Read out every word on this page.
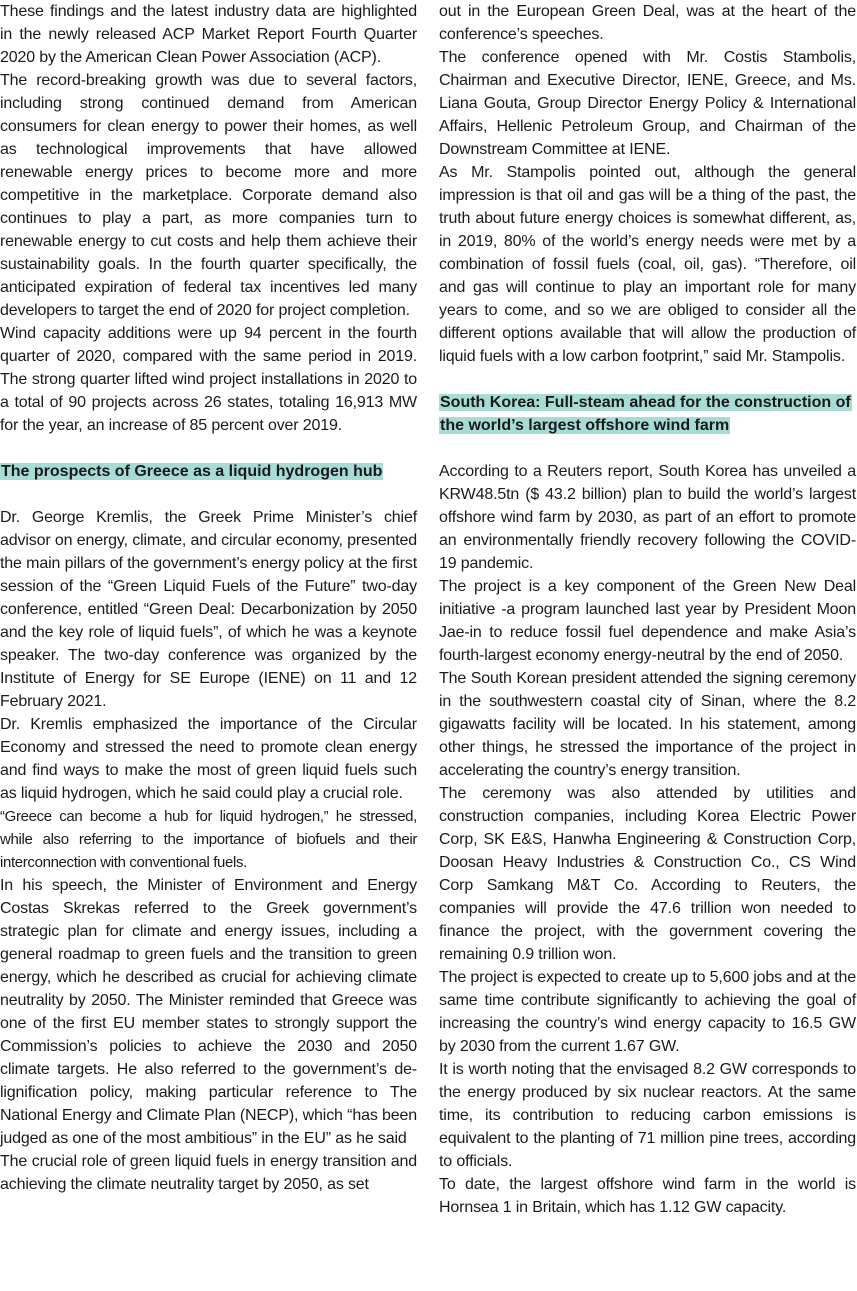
These findings and the latest industry data are highlighted in the newly released ACP Market Report Fourth Quarter 2020 by the American Clean Power Association (ACP).

The record-breaking growth was due to several factors, including strong continued demand from American consumers for clean energy to power their homes, as well as technological improvements that have allowed renewable energy prices to become more and more competitive in the marketplace. Corporate demand also continues to play a part, as more companies turn to renewable energy to cut costs and help them achieve their sustainability goals. In the fourth quarter specifically, the anticipated expiration of federal tax incentives led many developers to target the end of 2020 for project completion.

Wind capacity additions were up 94 percent in the fourth quarter of 2020, compared with the same period in 2019. The strong quarter lifted wind project installations in 2020 to a total of 90 projects across 26 states, totaling 16,913 MW for the year, an increase of 85 percent over 2019.

The prospects of Greece as a liquid hydrogen hub

Dr. George Kremlis, the Greek Prime Minister’s chief advisor on energy, climate, and circular economy, presented the main pillars of the government’s energy policy at the first session of the “Green Liquid Fuels of the Future” two-day conference, entitled “Green Deal: Decarbonization by 2050 and the key role of liquid fuels”, of which he was a keynote speaker. The two-day conference was organized by the Institute of Energy for SE Europe (IENE) on 11 and 12 February 2021.

Dr. Kremlis emphasized the importance of the Circular Economy and stressed the need to promote clean energy and find ways to make the most of green liquid fuels such as liquid hydrogen, which he said could play a crucial role.

“Greece can become a hub for liquid hydrogen,” he stressed, while also referring to the importance of biofuels and their interconnection with conventional fuels.

In his speech, the Minister of Environment and Energy Costas Skrekas referred to the Greek government’s strategic plan for climate and energy issues, including a general roadmap to green fuels and the transition to green energy, which he described as crucial for achieving climate neutrality by 2050. The Minister reminded that Greece was one of the first EU member states to strongly support the Commission’s policies to achieve the 2030 and 2050 climate targets. He also referred to the government’s de-lignification policy, making particular reference to The National Energy and Climate Plan (NECP), which “has been judged as one of the most ambitious” in the EU” as he said

The crucial role of green liquid fuels in energy transition and achieving the climate neutrality target by 2050, as set

out in the European Green Deal, was at the heart of the conference’s speeches.

The conference opened with Mr. Costis Stambolis, Chairman and Executive Director, IENE, Greece, and Ms. Liana Gouta, Group Director Energy Policy & International Affairs, Hellenic Petroleum Group, and Chairman of the Downstream Committee at IENE.

As Mr. Stampolis pointed out, although the general impression is that oil and gas will be a thing of the past, the truth about future energy choices is somewhat different, as, in 2019, 80% of the world’s energy needs were met by a combination of fossil fuels (coal, oil, gas). “Therefore, oil and gas will continue to play an important role for many years to come, and so we are obliged to consider all the different options available that will allow the production of liquid fuels with a low carbon footprint,” said Mr. Stampolis.

South Korea: Full-steam ahead for the construction of the world’s largest offshore wind farm

According to a Reuters report, South Korea has unveiled a KRW48.5tn ($ 43.2 billion) plan to build the world’s largest offshore wind farm by 2030, as part of an effort to promote an environmentally friendly recovery following the COVID-19 pandemic.

The project is a key component of the Green New Deal initiative -a program launched last year by President Moon Jae-in to reduce fossil fuel dependence and make Asia’s fourth-largest economy energy-neutral by the end of 2050.

The South Korean president attended the signing ceremony in the southwestern coastal city of Sinan, where the 8.2 gigawatts facility will be located. In his statement, among other things, he stressed the importance of the project in accelerating the country’s energy transition.

The ceremony was also attended by utilities and construction companies, including Korea Electric Power Corp, SK E&S, Hanwha Engineering & Construction Corp, Doosan Heavy Industries & Construction Co., CS Wind Corp Samkang M&T Co. According to Reuters, the companies will provide the 47.6 trillion won needed to finance the project, with the government covering the remaining 0.9 trillion won.

The project is expected to create up to 5,600 jobs and at the same time contribute significantly to achieving the goal of increasing the country’s wind energy capacity to 16.5 GW by 2030 from the current 1.67 GW.

It is worth noting that the envisaged 8.2 GW corresponds to the energy produced by six nuclear reactors. At the same time, its contribution to reducing carbon emissions is equivalent to the planting of 71 million pine trees, according to officials.

To date, the largest offshore wind farm in the world is Hornsea 1 in Britain, which has 1.12 GW capacity.
